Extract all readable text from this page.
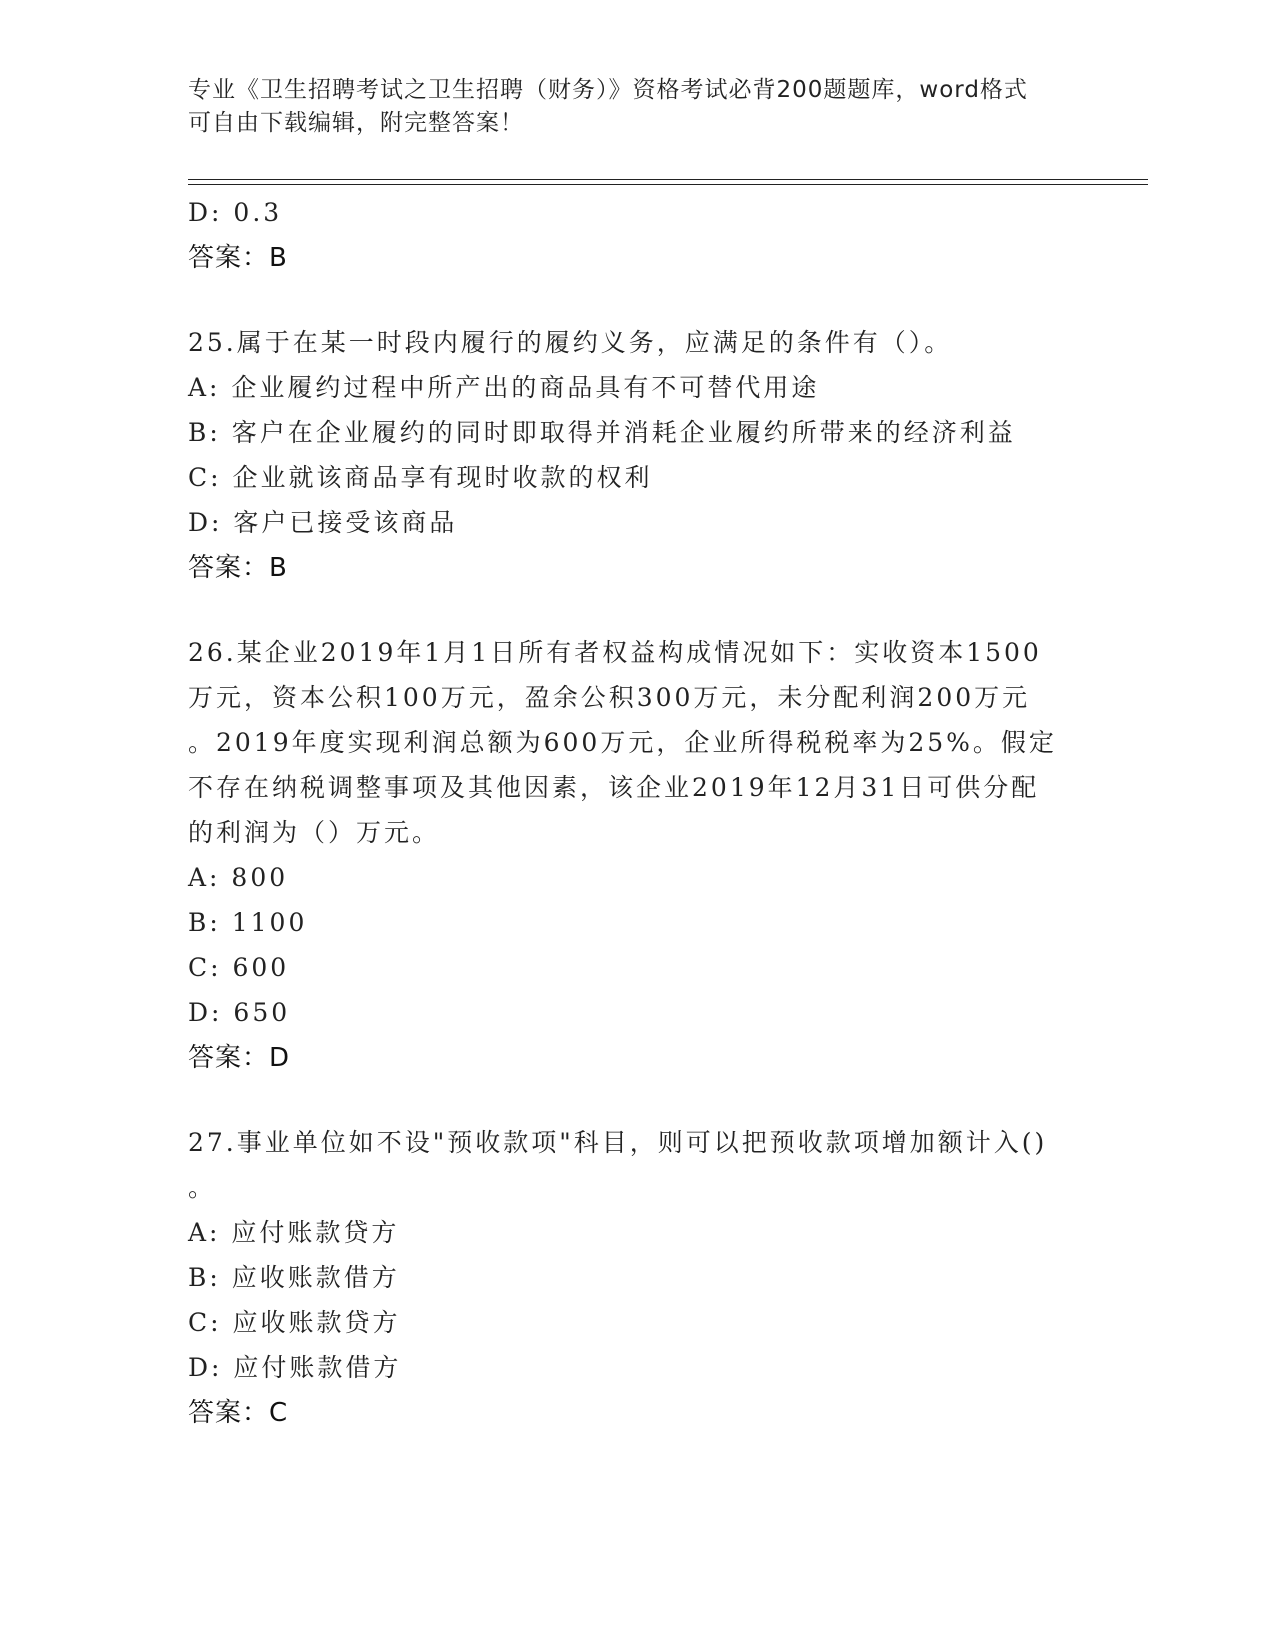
专业《卫生招聘考试之卫生招聘（财务）》资格考试必背200题题库，word格式
可自由下载编辑，附完整答案！
D: 0.3
答案：B
25.属于在某一时段内履行的履约义务，应满足的条件有（）。
A: 企业履约过程中所产出的商品具有不可替代用途
B: 客户在企业履约的同时即取得并消耗企业履约所带来的经济利益
C: 企业就该商品享有现时收款的权利
D: 客户已接受该商品
答案：B
26.某企业2019年1月1日所有者权益构成情况如下：实收资本1500
万元，资本公积100万元，盈余公积300万元，未分配利润200万元
。2019年度实现利润总额为600万元，企业所得税税率为25%。假定
不存在纳税调整事项及其他因素，该企业2019年12月31日可供分配
的利润为（）万元。
A: 800
B: 1100
C: 600
D: 650
答案：D
27.事业单位如不设"预收款项"科目，则可以把预收款项增加额计入()
。
A: 应付账款贷方
B: 应收账款借方
C: 应收账款贷方
D: 应付账款借方
答案：C
